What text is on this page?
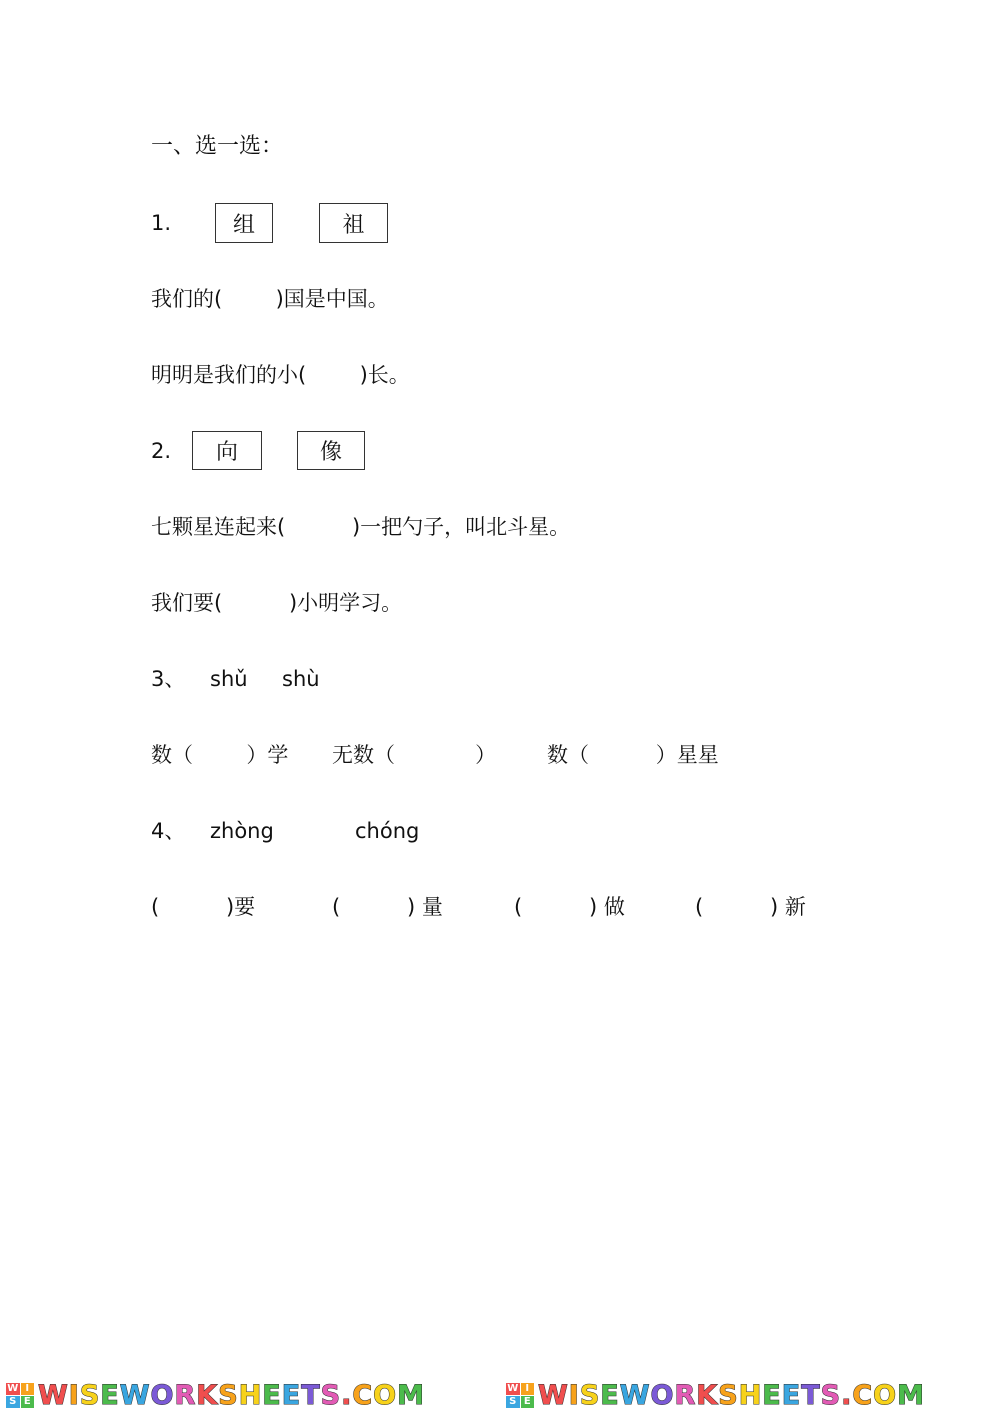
一、选一选：
1.	组	祖
我们的(        )国是中国。
明明是我们的小(        )长。
2.	向	像
七颗星连起来(          )一把勺子，叫北斗星。
我们要(          )小明学习。
3、 shǔ shù
数（        ）学 无数（            ） 数（          ）星星
4、 zhòng	chóng
(          )要	(          ) 量	(          ) 做	(          ) 新
W I
S E WISEWORKSHEETS.COM	W I
S E WISEWORKSHEETS.COM
